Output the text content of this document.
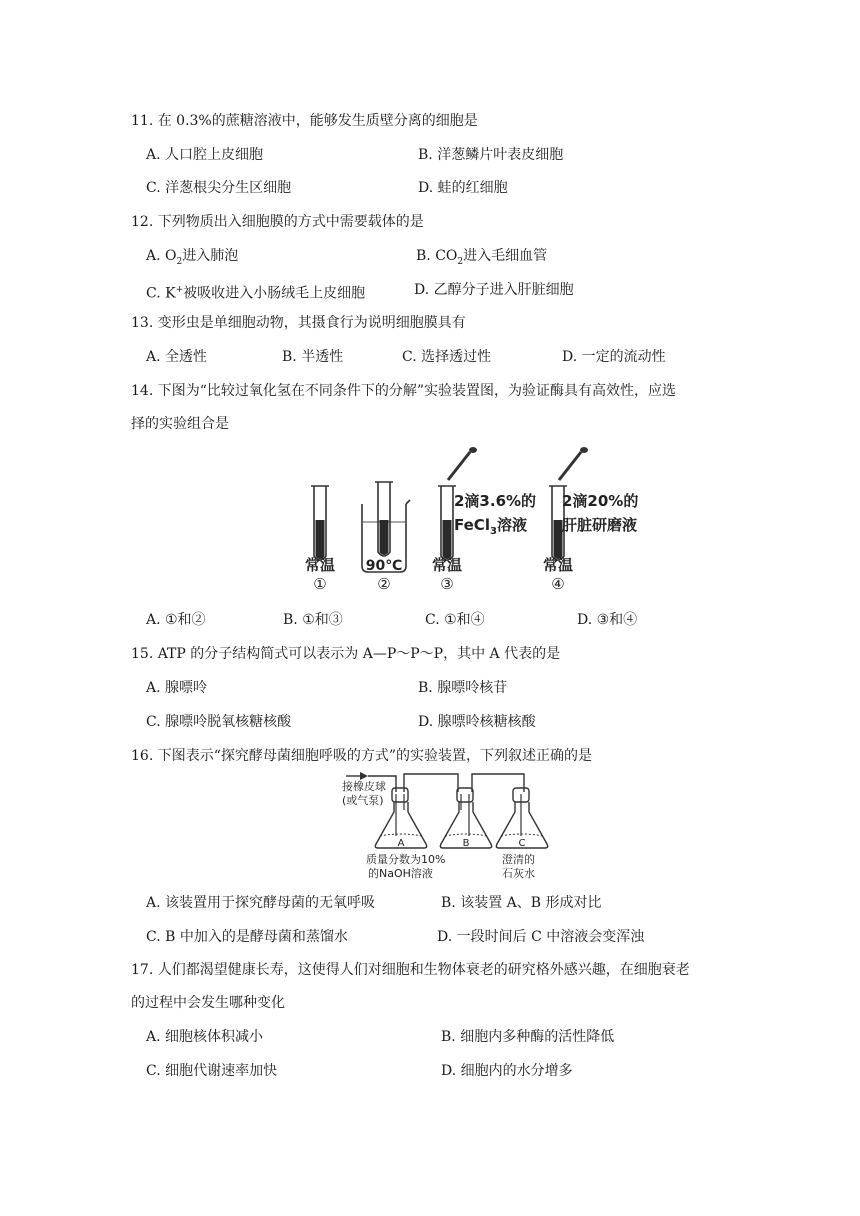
11. 在 0.3%的蔗糖溶液中，能够发生质壁分离的细胞是
A. 人口腔上皮细胞	B. 洋葱鳞片叶表皮细胞
C. 洋葱根尖分生区细胞	D. 蛙的红细胞
12. 下列物质出入细胞膜的方式中需要载体的是
A. $O_2$进入肺泡	B. $CO_2$进入毛细血管
C. K+被吸收进入小肠绒毛上皮细胞	D. 乙醇分子进入肝脏细胞
13. 变形虫是单细胞动物，其摄食行为说明细胞膜具有
A. 全透性	B. 半透性	C. 选择透过性	D. 一定的流动性
14. 下图为“比较过氧化氢在不同条件下的分解”实验装置图，为验证酶具有高效性，应选
择的实验组合是
2滴3.6%的
FeCl$_3$溶液
2滴20%的
肝脏研磨液
常温
①
90℃
②
常温
③
常温
④
A. ①和②	B. ①和③	C. ①和④	D. ③和④
15. ATP 的分子结构简式可以表示为 A—P～P～P，其中 A 代表的是
A. 腺嘌呤	B. 腺嘌呤核苷
C. 腺嘌呤脱氧核糖核酸	D. 腺嘌呤核糖核酸
16. 下图表示“探究酵母菌细胞呼吸的方式”的实验装置，下列叙述正确的是
接橡皮球
(或气泵)
A	B	C
质量分数为10%
的NaOH溶液
澄清的
石灰水
A. 该装置用于探究酵母菌的无氧呼吸	B. 该装置 A、B 形成对比
C. B 中加入的是酵母菌和蒸馏水	D. 一段时间后 C 中溶液会变浑浊
17. 人们都渴望健康长寿，这使得人们对细胞和生物体衰老的研究格外感兴趣，在细胞衰老
的过程中会发生哪种变化
A. 细胞核体积减小	B. 细胞内多种酶的活性降低
C. 细胞代谢速率加快	D. 细胞内的水分增多
